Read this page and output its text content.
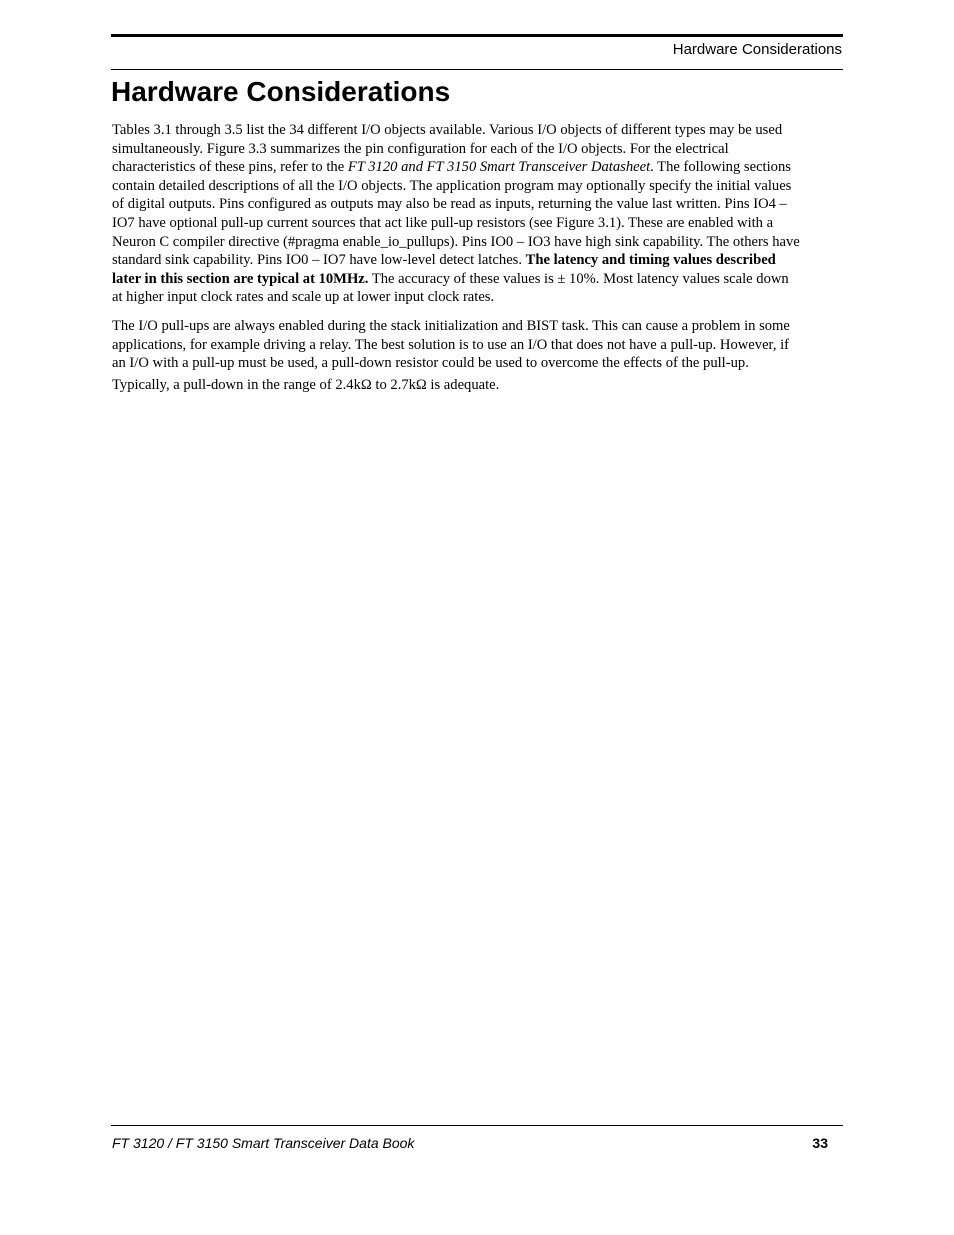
Hardware Considerations
Hardware Considerations
Tables 3.1 through 3.5 list the 34 different I/O objects available. Various I/O objects of different types may be used
simultaneously. Figure 3.3 summarizes the pin configuration for each of the I/O objects. For the electrical
characteristics of these pins, refer to the FT 3120 and FT 3150 Smart Transceiver Datasheet. The following sections
contain detailed descriptions of all the I/O objects. The application program may optionally specify the initial values
of digital outputs. Pins configured as outputs may also be read as inputs, returning the value last written. Pins IO4 –
IO7 have optional pull-up current sources that act like pull-up resistors (see Figure 3.1). These are enabled with a
Neuron C compiler directive (#pragma enable_io_pullups). Pins IO0 – IO3 have high sink capability. The others have
standard sink capability. Pins IO0 – IO7 have low-level detect latches. The latency and timing values described
later in this section are typical at 10MHz. The accuracy of these values is ± 10%. Most latency values scale down
at higher input clock rates and scale up at lower input clock rates.
The I/O pull-ups are always enabled during the stack initialization and BIST task. This can cause a problem in some
applications, for example driving a relay. The best solution is to use an I/O that does not have a pull-up. However, if
an I/O with a pull-up must be used, a pull-down resistor could be used to overcome the effects of the pull-up.
Typically, a pull-down in the range of 2.4kΩ to 2.7kΩ is adequate.
FT 3120 / FT 3150 Smart Transceiver Data Book	33
